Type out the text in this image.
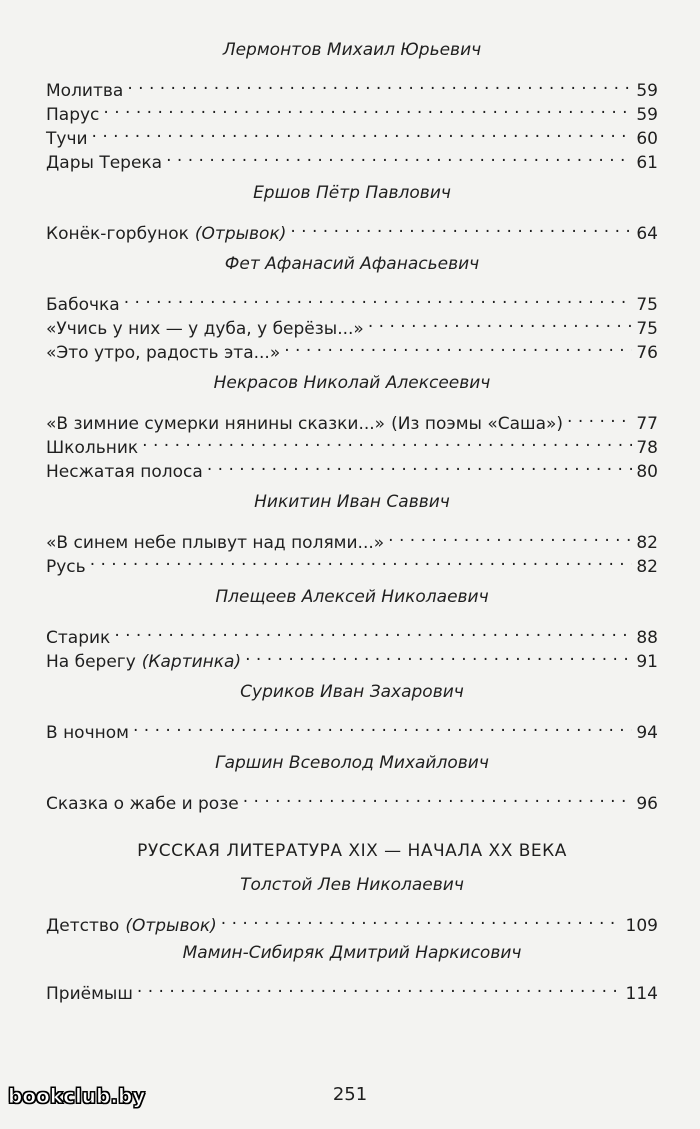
Лермонтов Михаил Юрьевич
Молитва . . .	59
Парус . . .	59
Тучи . . .	60
Дары Терека . . .	61
Ершов Пётр Павлович
Конёк-горбунок (Отрывок) . . .	64
Фет Афанасий Афанасьевич
Бабочка . . .	75
«Учись у них — у дуба, у берёзы...» . . .	75
«Это утро, радость эта...» . . .	76
Некрасов Николай Алексеевич
«В зимние сумерки нянины сказки...» (Из поэмы «Саша») . . .	77
Школьник . . .	78
Несжатая полоса . . .	80
Никитин Иван Саввич
«В синем небе плывут над полями...» . . .	82
Русь . . .	82
Плещеев Алексей Николаевич
Старик . . .	88
На берегу (Картинка) . . .	91
Суриков Иван Захарович
В ночном . . .	94
Гаршин Всеволод Михайлович
Сказка о жабе и розе . . .	96
РУССКАЯ ЛИТЕРАТУРА XIX — НАЧАЛА XX ВЕКА
Толстой Лев Николаевич
Детство (Отрывок) . . .	109
Мамин-Сибиряк Дмитрий Наркисович
Приёмыш . . .	114
251
bookclub.by
